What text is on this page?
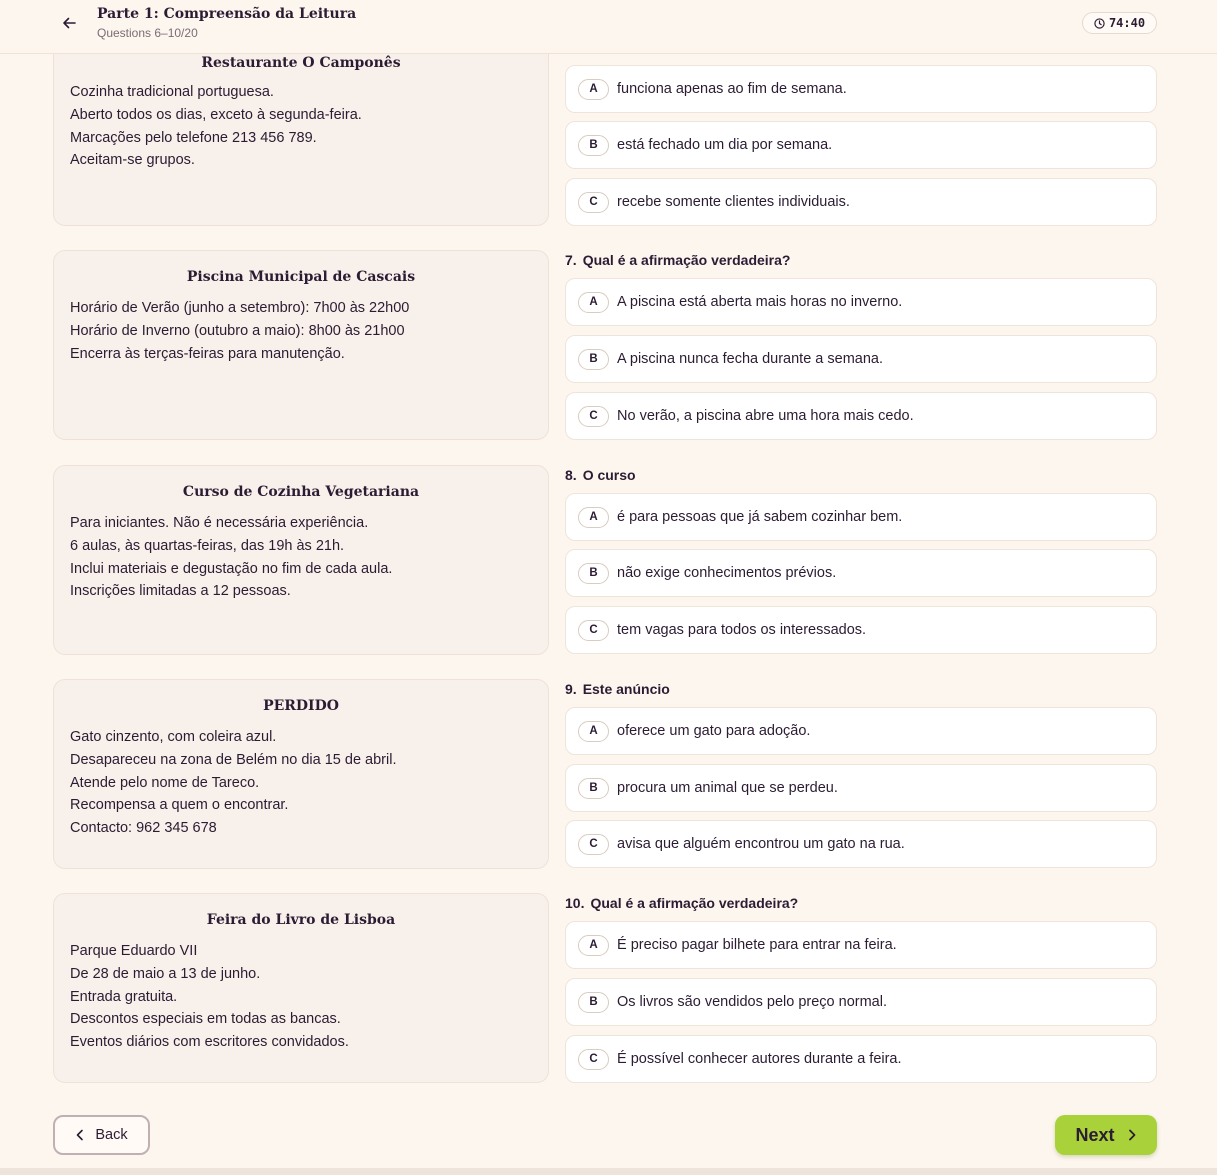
Parte 1: Compreensão da Leitura
Questions 6–10/20
74:40
Restaurante O Camponês
Cozinha tradicional portuguesa.
Aberto todos os dias, exceto à segunda-feira.
Marcações pelo telefone 213 456 789.
Aceitam-se grupos.
Piscina Municipal de Cascais
Horário de Verão (junho a setembro): 7h00 às 22h00
Horário de Inverno (outubro a maio): 8h00 às 21h00
Encerra às terças-feiras para manutenção.
Curso de Cozinha Vegetariana
Para iniciantes. Não é necessária experiência.
6 aulas, às quartas-feiras, das 19h às 21h.
Inclui materiais e degustação no fim de cada aula.
Inscrições limitadas a 12 pessoas.
PERDIDO
Gato cinzento, com coleira azul.
Desapareceu na zona de Belém no dia 15 de abril.
Atende pelo nome de Tareco.
Recompensa a quem o encontrar.
Contacto: 962 345 678
Feira do Livro de Lisboa
Parque Eduardo VII
De 28 de maio a 13 de junho.
Entrada gratuita.
Descontos especiais em todas as bancas.
Eventos diários com escritores convidados.
A	funciona apenas ao fim de semana.
B	está fechado um dia por semana.
C	recebe somente clientes individuais.
7. Qual é a afirmação verdadeira?
A	A piscina está aberta mais horas no inverno.
B	A piscina nunca fecha durante a semana.
C	No verão, a piscina abre uma hora mais cedo.
8. O curso
A	é para pessoas que já sabem cozinhar bem.
B	não exige conhecimentos prévios.
C	tem vagas para todos os interessados.
9. Este anúncio
A	oferece um gato para adoção.
B	procura um animal que se perdeu.
C	avisa que alguém encontrou um gato na rua.
10. Qual é a afirmação verdadeira?
A	É preciso pagar bilhete para entrar na feira.
B	Os livros são vendidos pelo preço normal.
C	É possível conhecer autores durante a feira.
Back	Next
